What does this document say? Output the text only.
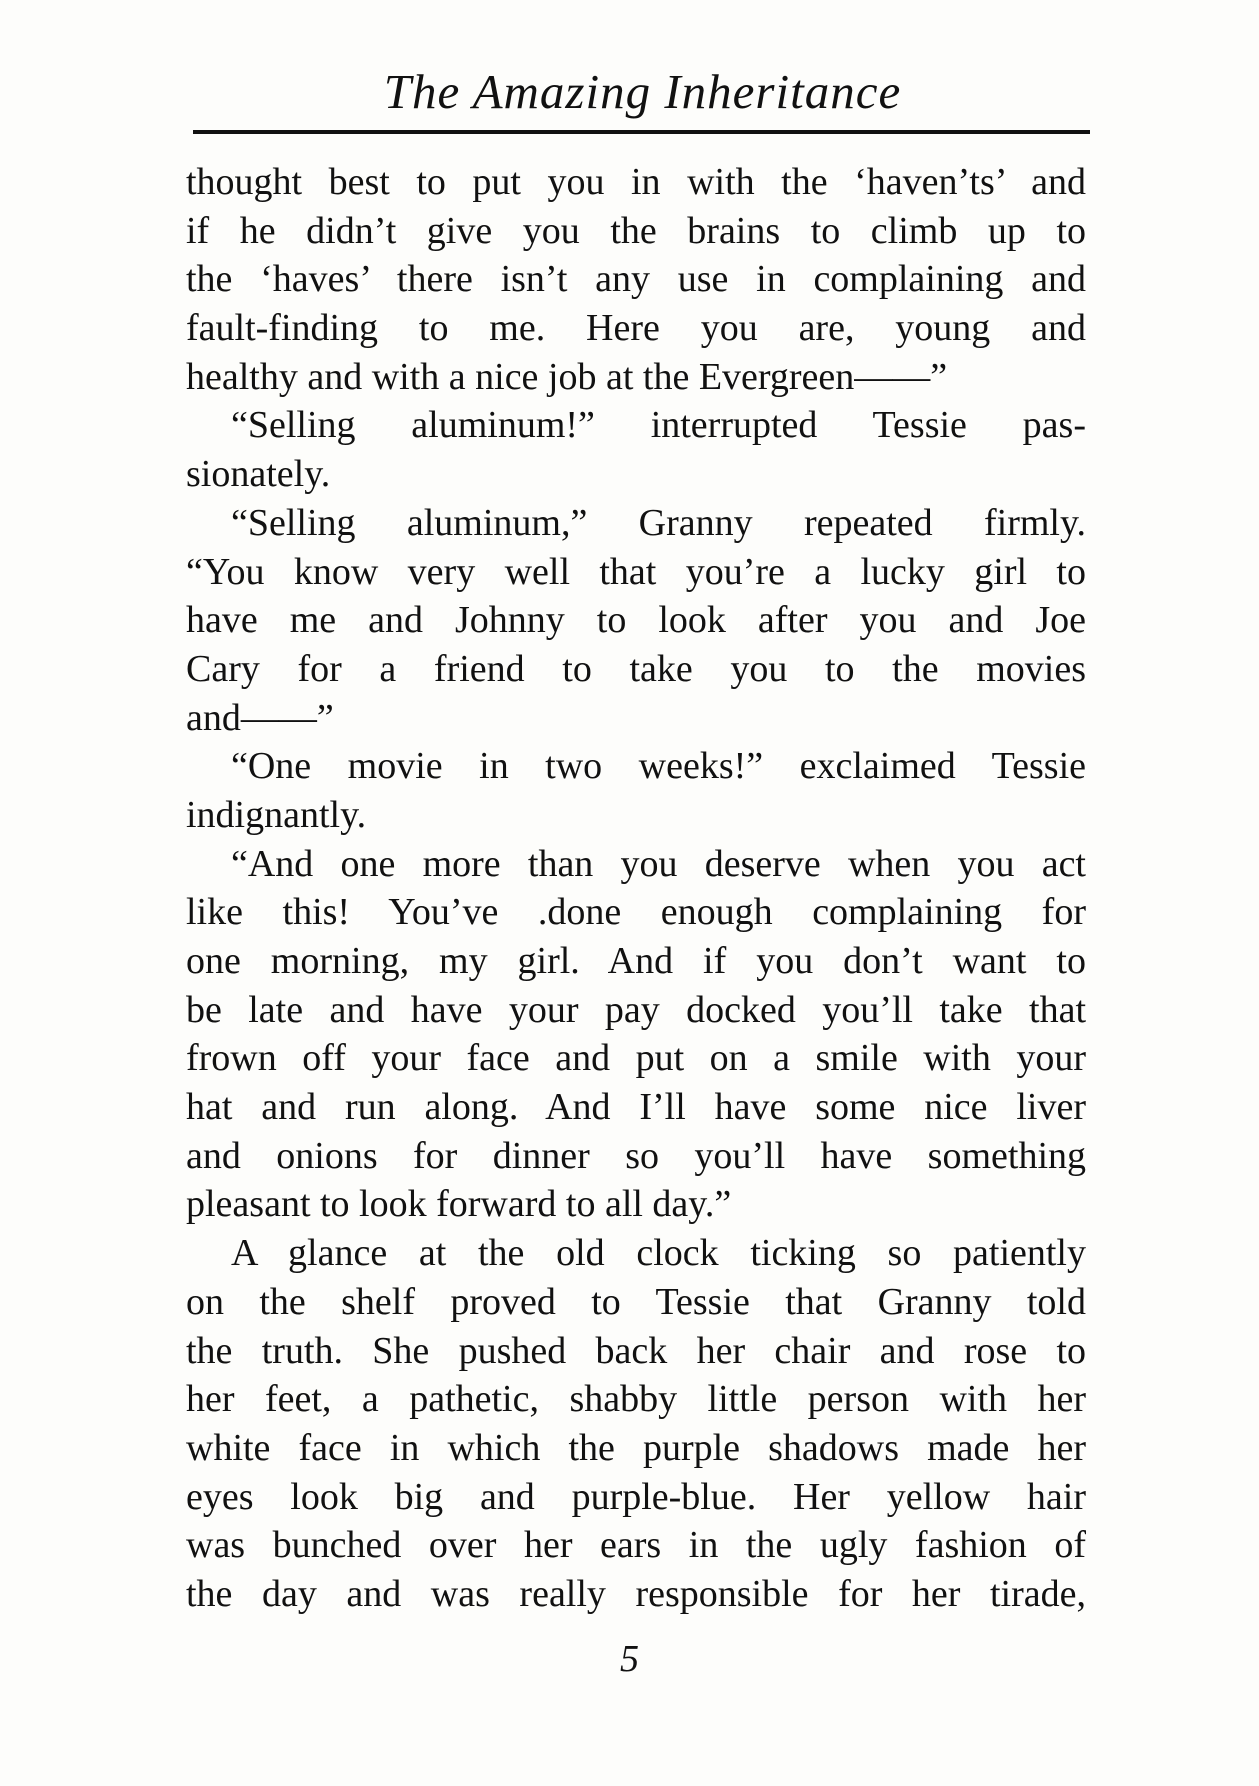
The Amazing Inheritance
thought best to put you in with the ‘haven’ts’ and
if he didn’t give you the brains to climb up to
the ‘haves’ there isn’t any use in complaining and
fault-finding to me. Here you are, young and
healthy and with a nice job at the Evergreen——”
“Selling aluminum!” interrupted Tessie pas-
sionately.
“Selling aluminum,” Granny repeated firmly.
“You know very well that you’re a lucky girl to
have me and Johnny to look after you and Joe
Cary for a friend to take you to the movies
and——”
“One movie in two weeks!” exclaimed Tessie
indignantly.
“And one more than you deserve when you act
like this! You’ve .done enough complaining for
one morning, my girl. And if you don’t want to
be late and have your pay docked you’ll take that
frown off your face and put on a smile with your
hat and run along. And I’ll have some nice liver
and onions for dinner so you’ll have something
pleasant to look forward to all day.”
A glance at the old clock ticking so patiently
on the shelf proved to Tessie that Granny told
the truth. She pushed back her chair and rose to
her feet, a pathetic, shabby little person with her
white face in which the purple shadows made her
eyes look big and purple-blue. Her yellow hair
was bunched over her ears in the ugly fashion of
the day and was really responsible for her tirade,
5
